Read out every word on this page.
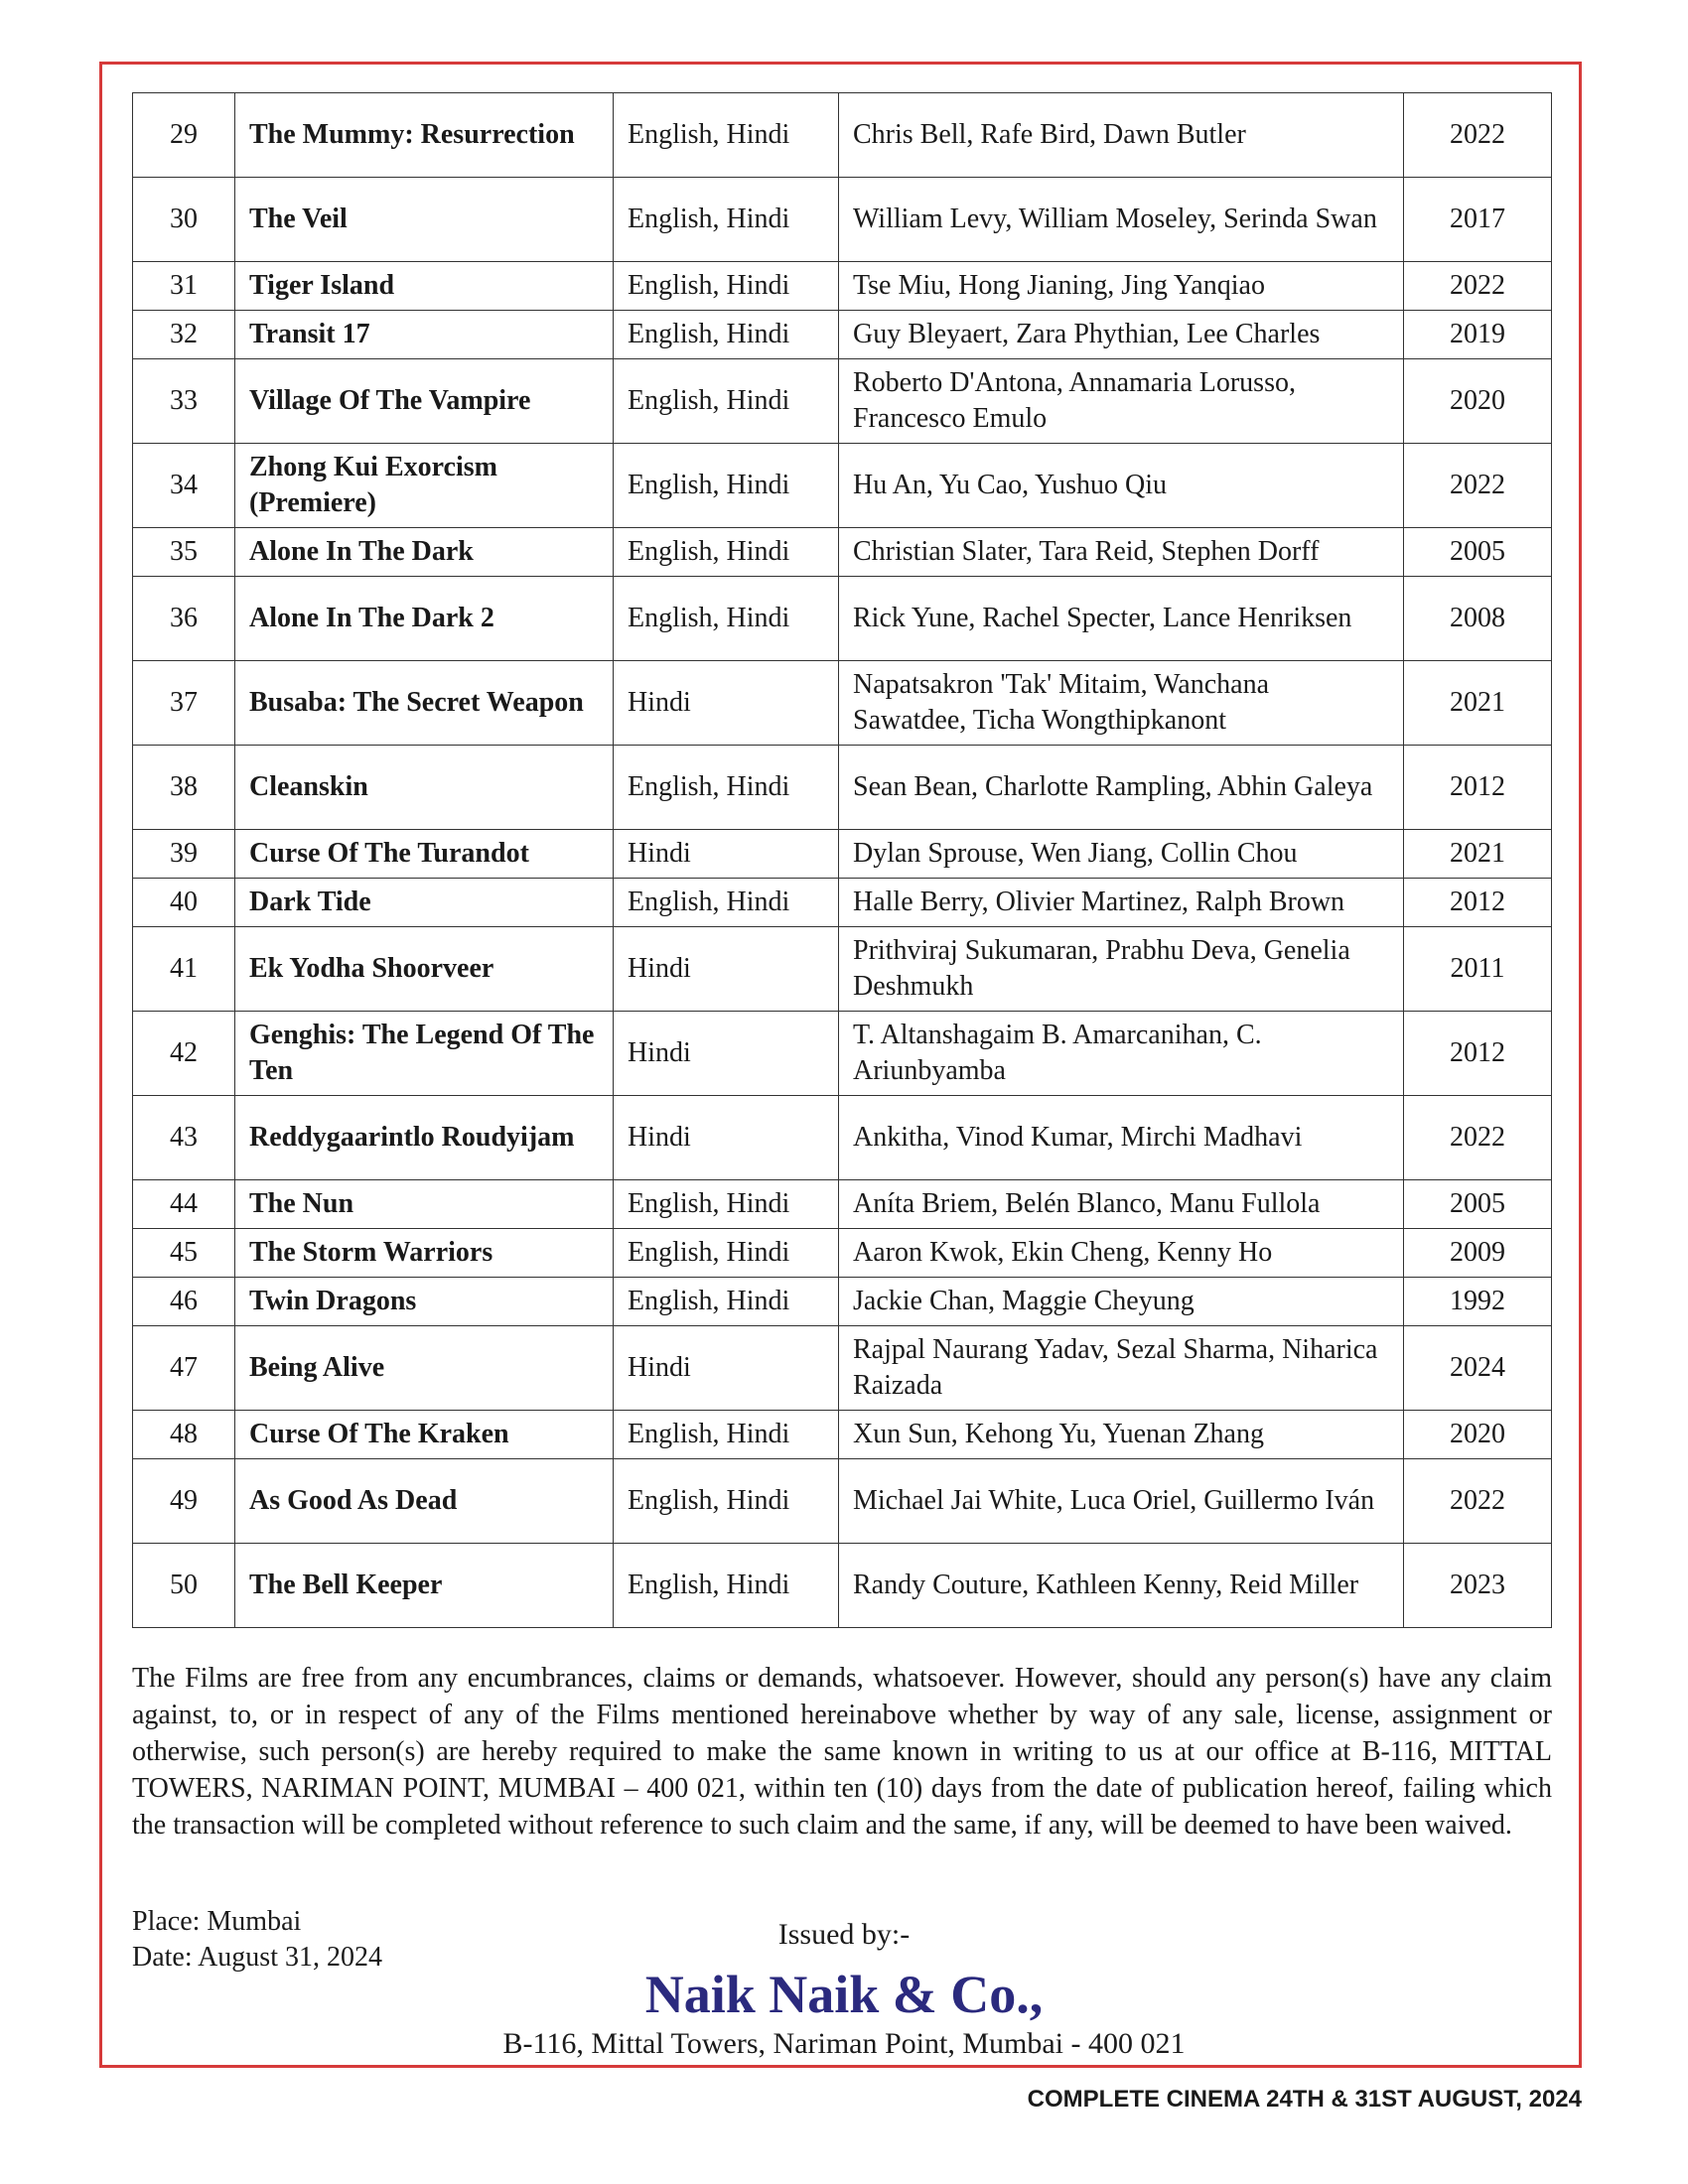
29	The Mummy: Resurrection	English, Hindi	Chris Bell, Rafe Bird, Dawn Butler	2022
30	The Veil	English, Hindi	William Levy, William Moseley, Serinda Swan	2017
31	Tiger Island	English, Hindi	Tse Miu, Hong Jianing, Jing Yanqiao	2022
32	Transit 17	English, Hindi	Guy Bleyaert, Zara Phythian, Lee Charles	2019
33	Village Of The Vampire	English, Hindi	Roberto D'Antona, Annamaria Lorusso, Francesco Emulo	2020
34	Zhong Kui Exorcism (Premiere)	English, Hindi	Hu An, Yu Cao, Yushuo Qiu	2022
35	Alone In The Dark	English, Hindi	Christian Slater, Tara Reid, Stephen Dorff	2005
36	Alone In The Dark 2	English, Hindi	Rick Yune, Rachel Specter, Lance Henriksen	2008
37	Busaba: The Secret Weapon	Hindi	Napatsakron 'Tak' Mitaim, Wanchana Sawatdee, Ticha Wongthipkanont	2021
38	Cleanskin	English, Hindi	Sean Bean, Charlotte Rampling, Abhin Galeya	2012
39	Curse Of The Turandot	Hindi	Dylan Sprouse, Wen Jiang, Collin Chou	2021
40	Dark Tide	English, Hindi	Halle Berry, Olivier Martinez, Ralph Brown	2012
41	Ek Yodha Shoorveer	Hindi	Prithviraj Sukumaran, Prabhu Deva, Genelia Deshmukh	2011
42	Genghis: The Legend Of The Ten	Hindi	T. Altanshagaim B. Amarcanihan, C. Ariunbyamba	2012
43	Reddygaarintlo Roudyijam	Hindi	Ankitha, Vinod Kumar, Mirchi Madhavi	2022
44	The Nun	English, Hindi	Aníta Briem, Belén Blanco, Manu Fullola	2005
45	The Storm Warriors	English, Hindi	Aaron Kwok, Ekin Cheng, Kenny Ho	2009
46	Twin Dragons	English, Hindi	Jackie Chan, Maggie Cheyung	1992
47	Being Alive	Hindi	Rajpal Naurang Yadav, Sezal Sharma, Niharica Raizada	2024
48	Curse Of The Kraken	English, Hindi	Xun Sun, Kehong Yu, Yuenan Zhang	2020
49	As Good As Dead	English, Hindi	Michael Jai White, Luca Oriel, Guillermo Iván	2022
50	The Bell Keeper	English, Hindi	Randy Couture, Kathleen Kenny, Reid Miller	2023

The Films are free from any encumbrances, claims or demands, whatsoever. However, should any person(s) have any claim against, to, or in respect of any of the Films mentioned hereinabove whether by way of any sale, license, assignment or otherwise, such person(s) are hereby required to make the same known in writing to us at our office at B-116, MITTAL TOWERS, NARIMAN POINT, MUMBAI – 400 021, within ten (10) days from the date of publication hereof, failing which the transaction will be completed without reference to such claim and the same, if any, will be deemed to have been waived.

Place: Mumbai
Date: August 31, 2024
Issued by:-
Naik Naik & Co.,
B-116, Mittal Towers, Nariman Point, Mumbai - 400 021
COMPLETE CINEMA 24TH & 31ST AUGUST, 2024
